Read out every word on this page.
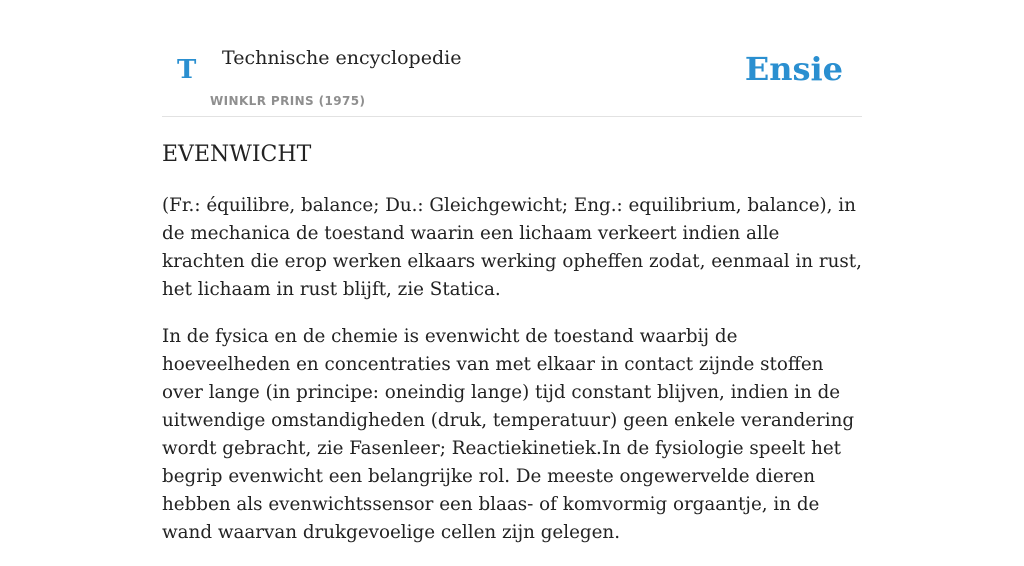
T Technische encyclopedie
WINKLR PRINS (1975)
Ensie
EVENWICHT

(Fr.: équilibre, balance; Du.: Gleichgewicht; Eng.: equilibrium, balance), in de mechanica de toestand waarin een lichaam verkeert indien alle krachten die erop werken elkaars werking opheffen zodat, eenmaal in rust, het lichaam in rust blijft, zie Statica.

In de fysica en de chemie is evenwicht de toestand waarbij de hoeveelheden en concentraties van met elkaar in contact zijnde stoffen over lange (in principe: oneindig lange) tijd constant blijven, indien in de uitwendige omstandigheden (druk, temperatuur) geen enkele verandering wordt gebracht, zie Fasenleer; Reactiekinetiek.In de fysiologie speelt het begrip evenwicht een belangrijke rol. De meeste ongewervelde dieren hebben als evenwichtssensor een blaas- of komvormig orgaantje, in de wand waarvan drukgevoelige cellen zijn gelegen.
